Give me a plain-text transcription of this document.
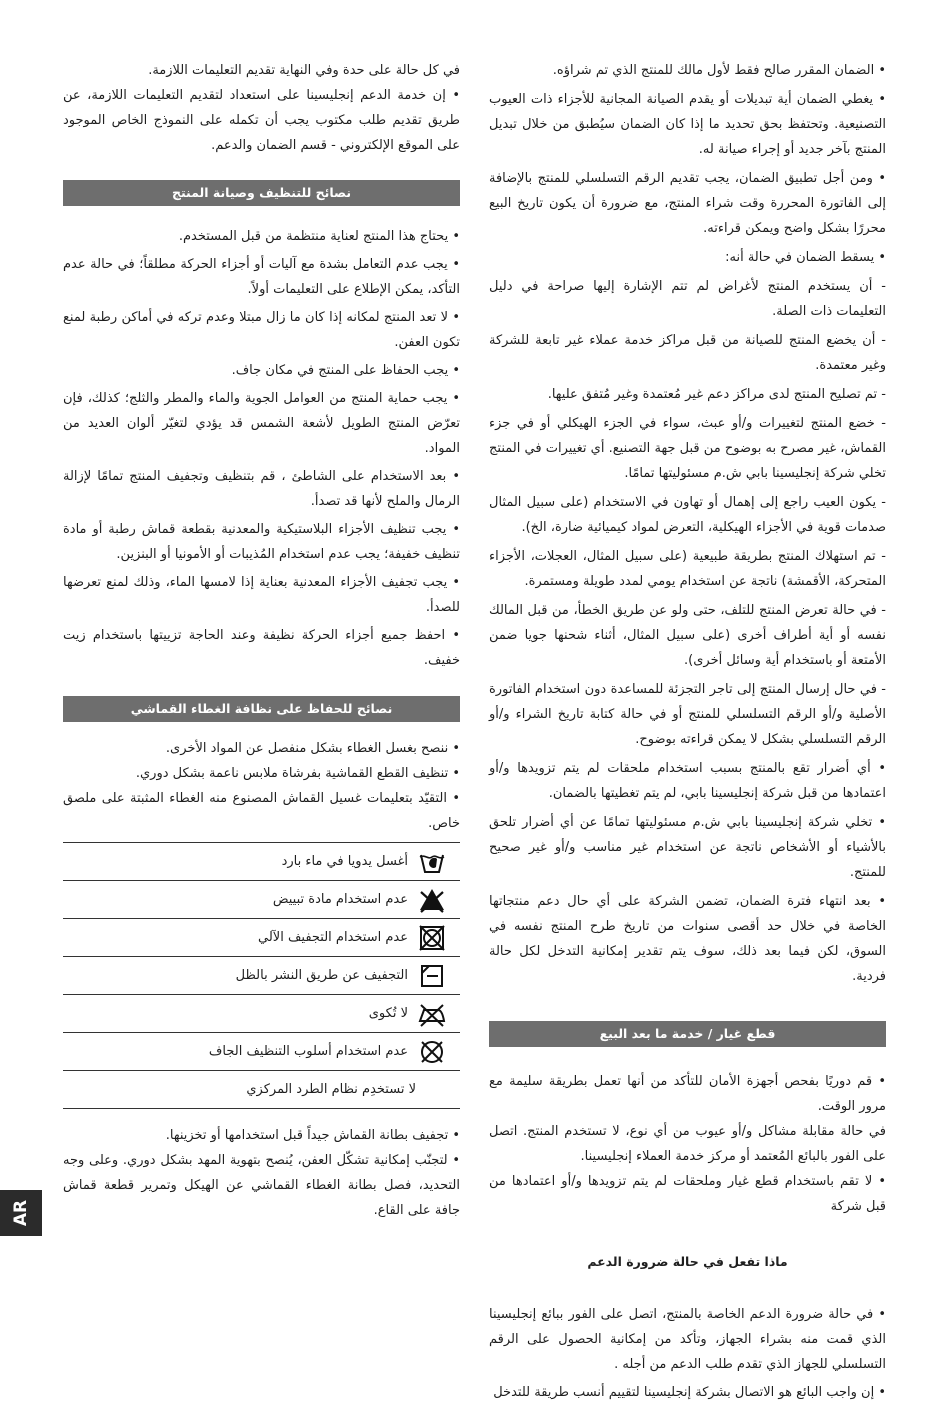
• الضمان المقرر صالح فقط لأول مالك للمنتج الذي تم شراؤه.

• يغطي الضمان أية تبديلات أو يقدم الصيانة المجانية للأجزاء ذات العيوب التصنيعية. وتحتفظ بحق تحديد ما إذا كان الضمان سيُطبق من خلال تبديل المنتج بآخر جديد أو إجراء صيانة له.

• ومن أجل تطبيق الضمان، يجب تقديم الرقم التسلسلي للمنتج بالإضافة إلى الفاتورة المحررة وقت شراء المنتج، مع ضرورة أن يكون تاريخ البيع محررًا بشكل واضح ويمكن قراءته.

• يسقط الضمان في حالة أنه:

- أن يستخدم المنتج لأغراض لم تتم الإشارة إليها صراحة في دليل التعليمات ذات الصلة.

- أن يخضع المنتج للصيانة من قبل مراكز خدمة عملاء غير تابعة للشركة وغير معتمدة.

- تم تصليح المنتج لدى مراكز دعم غير مُعتمدة وغير مُتفق عليها.

- خضع المنتج لتغييرات و/أو عبث، سواء في الجزء الهيكلي أو في جزء القماش، غير مصرح به بوضوح من قبل جهة التصنيع. أي تغييرات في المنتج تخلي شركة إنجليسينا بابي ش.م مسئوليتها تمامًا.

- يكون العيب راجع إلى إهمال أو تهاون في الاستخدام (على سبيل المثال صدمات قوية في الأجزاء الهيكلية، التعرض لمواد كيميائية ضارة، الخ).

- تم استهلاك المنتج بطريقة طبيعية (على سبيل المثال، العجلات، الأجزاء المتحركة، الأقمشة) ناتجة عن استخدام يومي لمدد طويلة ومستمرة.

- في حالة تعرض المنتج للتلف، حتى ولو عن طريق الخطأ، من قبل المالك نفسه أو أية أطراف أخرى (على سبيل المثال، أثناء شحنها جويا ضمن الأمتعة أو باستخدام أية وسائل أخرى).

- في حال إرسال المنتج إلى تاجر التجزئة للمساعدة دون استخدام الفاتورة الأصلية و/أو الرقم التسلسلي للمنتج أو في حالة كتابة تاريخ الشراء و/أو الرقم التسلسلي بشكل لا يمكن قراءته بوضوح.

• أي أضرار تقع بالمنتج بسبب استخدام ملحقات لم يتم تزويدها و/أو اعتمادها من قبل شركة إنجليسينا بابي، لم يتم تغطيتها بالضمان.

• تخلي شركة إنجليسينا بابي ش.م مسئوليتها تمامًا عن أي أضرار تلحق بالأشياء أو الأشخاص ناتجة عن استخدام غير مناسب و/أو غير صحيح للمنتج.

• بعد انتهاء فترة الضمان، تضمن الشركة على أي حال دعم منتجاتها الخاصة في خلال حد أقصى سنوات من تاريخ طرح المنتج نفسه في السوق، لكن فيما بعد ذلك، سوف يتم تقدير إمكانية التدخل لكل حالة فردية.

قطع غيار / خدمة ما بعد البيع

• قم دوريًا بفحص أجهزة الأمان للتأكد من أنها تعمل بطريقة سليمة مع مرور الوقت.

في حالة مقابلة مشاكل و/أو عيوب من أي نوع، لا تستخدم المنتج. اتصل على الفور بالبائع المُعتمد أو مركز خدمة العملاء إنجليسينا.

• لا تقم باستخدام قطع غيار وملحقات لم يتم تزويدها و/أو اعتمادها من قبل شركة

ماذا تفعل في حالة ضرورة الدعم

• في حالة ضرورة الدعم الخاصة بالمنتج، اتصل على الفور ببائع إنجليسينا الذي قمت منه بشراء الجهاز، وتأكد من إمكانية الحصول على الرقم التسلسلي للجهاز الذي تقدم طلب الدعم من أجله .

• إن واجب البائع هو الاتصال بشركة إنجليسينا لتقييم أنسب طريقة للتدخل

في كل حالة على حدة وفي النهاية تقديم التعليمات اللازمة.

• إن خدمة الدعم إنجليسينا على استعداد لتقديم التعليمات اللازمة، عن طريق تقديم طلب مكتوب يجب أن تكمله على النموذج الخاص الموجود على الموقع الإلكتروني - قسم الضمان والدعم.

نصائح للتنظيف وصيانة المنتج

• يحتاج هذا المنتج لعناية منتظمة من قبل المستخدم.

• يجب عدم التعامل بشدة مع آليات أو أجزاء الحركة مطلقاً؛ في حالة عدم التأكد، يمكن الإطلاع على التعليمات أولاً.

• لا تعد المنتج لمكانه إذا كان ما زال مبتلا وعدم تركه في أماكن رطبة لمنع تكون العفن.

• يجب الحفاظ على المنتج في مكان جاف.

• يجب حماية المنتج من العوامل الجوية والماء والمطر والثلج؛ كذلك، فإن تعرّض المنتج الطويل لأشعة الشمس قد يؤدي لتغيّر ألوان العديد من المواد.

• بعد الاستخدام على الشاطئ ، قم بتنظيف وتجفيف المنتج تمامًا لإزالة الرمال والملح لأنها قد تصدأ.

• يجب تنظيف الأجزاء البلاستيكية والمعدنية بقطعة قماش رطبة أو مادة تنظيف خفيفة؛ يجب عدم استخدام المُذيبات أو الأمونيا أو البنزين.

• يجب تجفيف الأجزاء المعدنية بعناية إذا لامسها الماء، وذلك لمنع تعرضها للصدأ.

• احفظ جميع أجزاء الحركة نظيفة وعند الحاجة تزييتها باستخدام زيت خفيف.

نصائح للحفاظ على نظافة الغطاء القماشي

• ننصح بغسل الغطاء بشكل منفصل عن المواد الأخرى.

• تنظيف القطع القماشية بفرشاة ملابس ناعمة بشكل دوري.

• التقيّد بتعليمات غسيل القماش المصنوع منه الغطاء المثبتة على ملصق خاص.

أغسل يدويا في ماء بارد
عدم استخدام مادة تبييض
عدم استخدام التجفيف الآلي
التجفيف عن طريق النشر بالظل
لا تُكوى
عدم استخدام أسلوب التنظيف الجاف
لا تستخدِم نظام الطرد المركزي

• تجفيف بطانة القماش جيداً قبل استخدامها أو تخزينها.

• لتجنّب إمكانية تشكّل العفن، يُنصح بتهوية المهد بشكل دوري. وعلى وجه التحديد، فصل بطانة الغطاء القماشي عن الهيكل وتمرير قطعة قماش جافة على القاع.

AR
